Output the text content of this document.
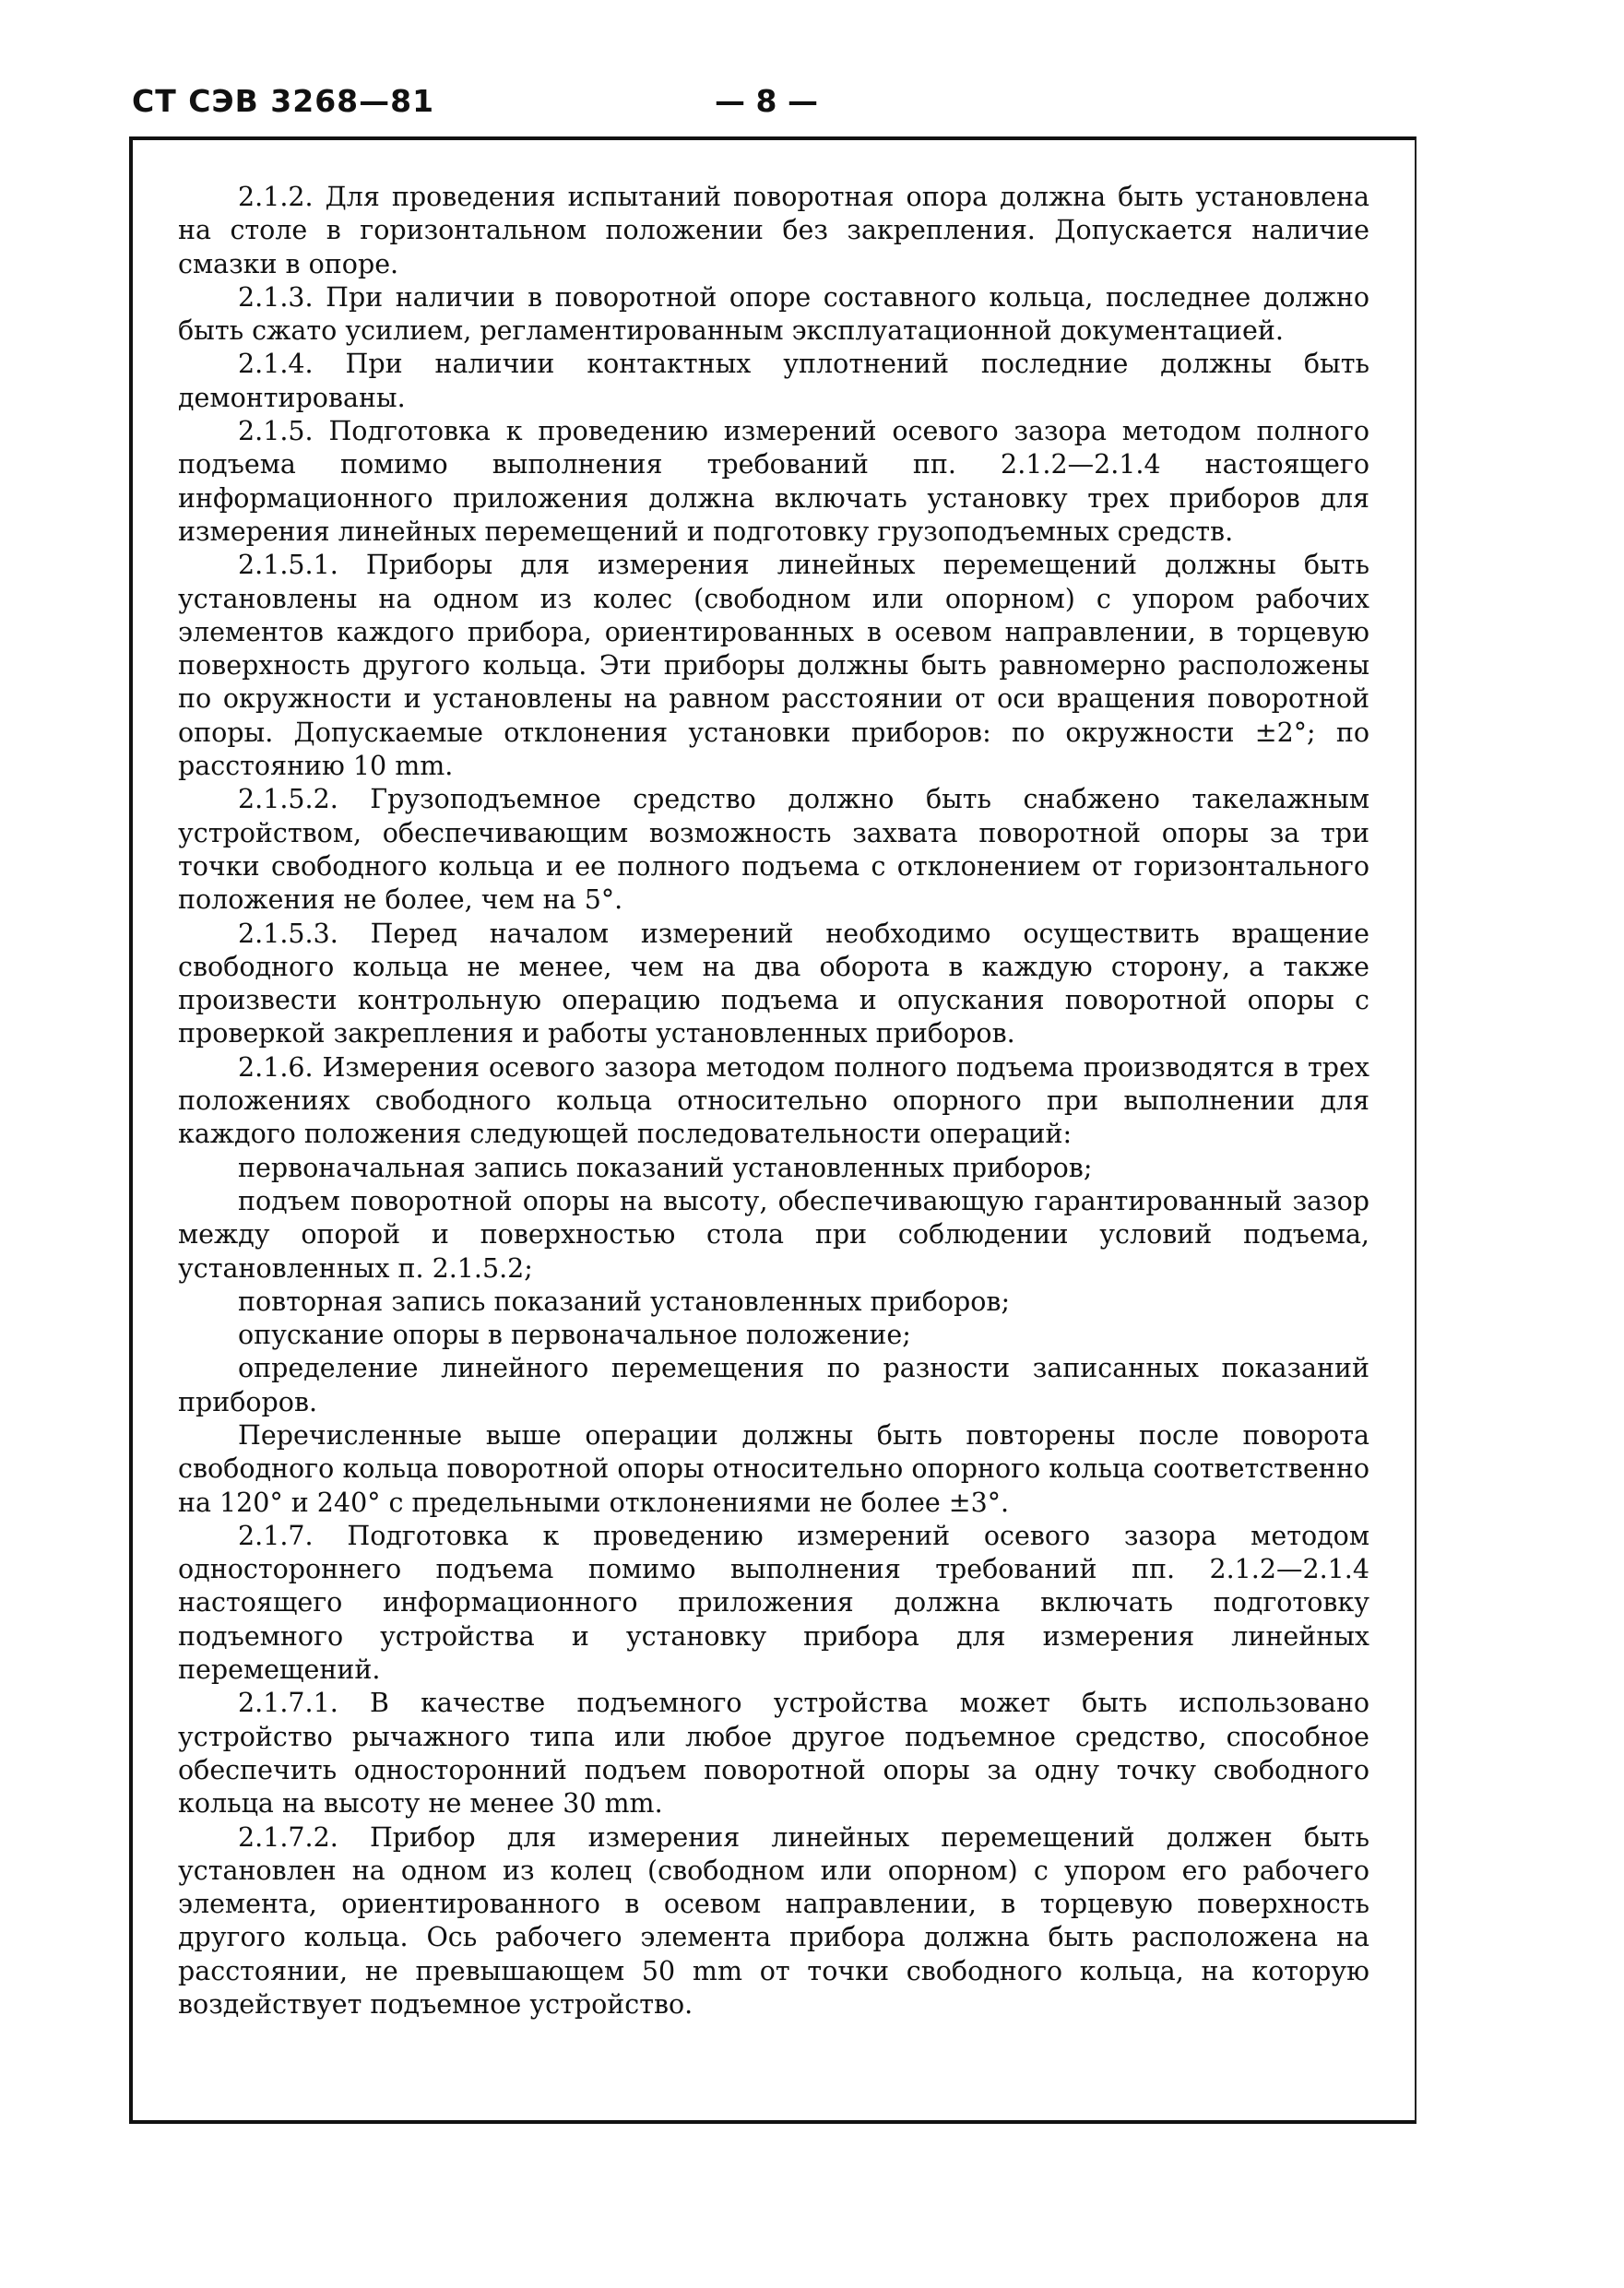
СТ СЭВ 3268—81	— 8 —

2.1.2. Для проведения испытаний поворотная опора должна быть установлена на столе в горизонтальном положении без закрепления. Допускается наличие смазки в опоре.

2.1.3. При наличии в поворотной опоре составного кольца, последнее должно быть сжато усилием, регламентированным эксплуатационной документацией.

2.1.4. При наличии контактных уплотнений последние должны быть демонтированы.

2.1.5. Подготовка к проведению измерений осевого зазора методом полного подъема помимо выполнения требований пп. 2.1.2—2.1.4 настоящего информационного приложения должна включать установку трех приборов для измерения линейных перемещений и подготовку грузоподъемных средств.

2.1.5.1. Приборы для измерения линейных перемещений должны быть установлены на одном из колес (свободном или опорном) с упором рабочих элементов каждого прибора, ориентированных в осевом направлении, в торцевую поверхность другого кольца. Эти приборы должны быть равномерно расположены по окружности и установлены на равном расстоянии от оси вращения поворотной опоры. Допускаемые отклонения установки приборов: по окружности ±2°; по расстоянию 10 mm.

2.1.5.2. Грузоподъемное средство должно быть снабжено такелажным устройством, обеспечивающим возможность захвата поворотной опоры за три точки свободного кольца и ее полного подъема с отклонением от горизонтального положения не более, чем на 5°.

2.1.5.3. Перед началом измерений необходимо осуществить вращение свободного кольца не менее, чем на два оборота в каждую сторону, а также произвести контрольную операцию подъема и опускания поворотной опоры с проверкой закрепления и работы установленных приборов.

2.1.6. Измерения осевого зазора методом полного подъема производятся в трех положениях свободного кольца относительно опорного при выполнении для каждого положения следующей последовательности операций:

первоначальная запись показаний установленных приборов;

подъем поворотной опоры на высоту, обеспечивающую гарантированный зазор между опорой и поверхностью стола при соблюдении условий подъема, установленных п. 2.1.5.2;

повторная запись показаний установленных приборов;

опускание опоры в первоначальное положение;

определение линейного перемещения по разности записанных показаний приборов.

Перечисленные выше операции должны быть повторены после поворота свободного кольца поворотной опоры относительно опорного кольца соответственно на 120° и 240° с предельными отклонениями не более ±3°.

2.1.7. Подготовка к проведению измерений осевого зазора методом одностороннего подъема помимо выполнения требований пп. 2.1.2—2.1.4 настоящего информационного приложения должна включать подготовку подъемного устройства и установку прибора для измерения линейных перемещений.

2.1.7.1. В качестве подъемного устройства может быть использовано устройство рычажного типа или любое другое подъемное средство, способное обеспечить односторонний подъем поворотной опоры за одну точку свободного кольца на высоту не менее 30 mm.

2.1.7.2. Прибор для измерения линейных перемещений должен быть установлен на одном из колец (свободном или опорном) с упором его рабочего элемента, ориентированного в осевом направлении, в торцевую поверхность другого кольца. Ось рабочего элемента прибора должна быть расположена на расстоянии, не превышающем 50 mm от точки свободного кольца, на которую воздействует подъемное устройство.
